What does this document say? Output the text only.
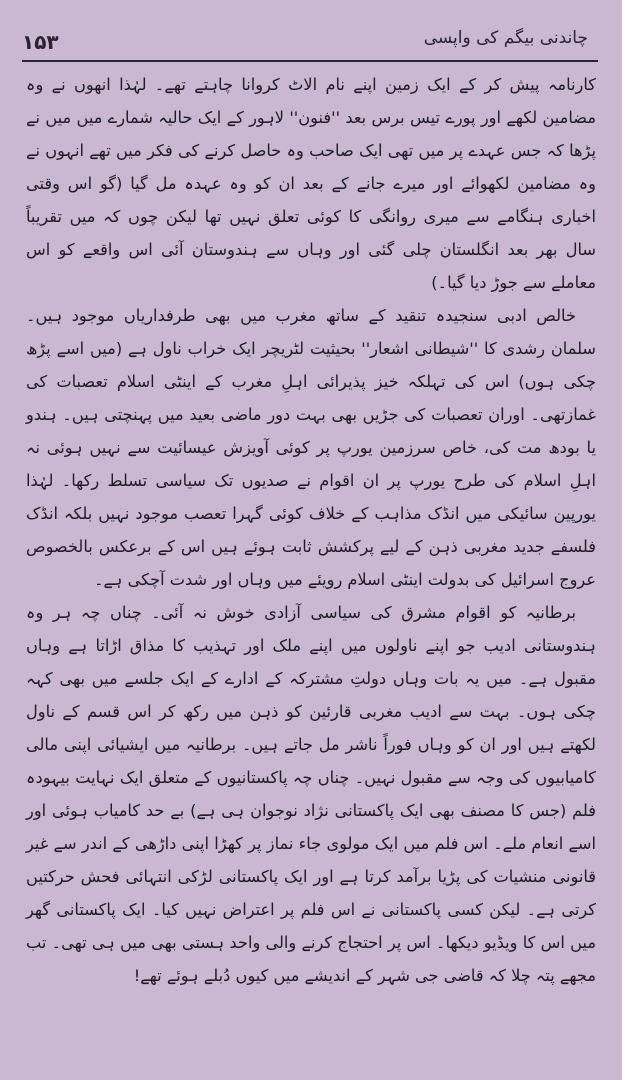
۱۵۳	چاندنی بیگم کی واپسی

کارنامہ پیش کر کے ایک زمین اپنے نام الاٹ کروانا چاہتے تھے۔ لہٰذا انھوں نے وہ مضامین لکھے اور پورے تیس برس بعد ''فنون'' لاہور کے ایک حالیہ شمارے میں میں نے پڑھا کہ جس عہدے پر میں تھی ایک صاحب وہ حاصل کرنے کی فکر میں تھے انہوں نے وہ مضامین لکھوائے اور میرے جانے کے بعد ان کو وہ عہدہ مل گیا (گو اس وقتی اخباری ہنگامے سے میری روانگی کا کوئی تعلق نہیں تھا لیکن چوں کہ میں تقریباً سال بھر بعد انگلستان چلی گئی اور وہاں سے ہندوستان آئی اس واقعے کو اس معاملے سے جوڑ دیا گیا۔)

خالص ادبی سنجیدہ تنقید کے ساتھ مغرب میں بھی طرفداریاں موجود ہیں۔ سلمان رشدی کا ''شیطانی اشعار'' بحیثیت لٹریچر ایک خراب ناول ہے (میں اسے پڑھ چکی ہوں) اس کی تہلکہ خیز پذیرائی اہلِ مغرب کے اینٹی اسلام تعصبات کی غمازتھی۔ اوران تعصبات کی جڑیں بھی بہت دور ماضی بعید میں پہنچتی ہیں۔ ہندو یا بودھ مت کی، خاص سرزمین یورپ پر کوئی آویزش عیسائیت سے نہیں ہوئی نہ اہلِ اسلام کی طرح یورپ پر ان اقوام نے صدیوں تک سیاسی تسلط رکھا۔ لہٰذا یورپین سائیکی میں انڈک مذاہب کے خلاف کوئی گہرا تعصب موجود نہیں بلکہ انڈک فلسفے جدید مغربی ذہن کے لیے پرکشش ثابت ہوئے ہیں اس کے برعکس بالخصوص عروج اسرائیل کی بدولت اینٹی اسلام رویئے میں وہاں اور شدت آچکی ہے۔

برطانیہ کو اقوام مشرق کی سیاسی آزادی خوش نہ آئی۔ چناں چہ ہر وہ ہندوستانی ادیب جو اپنے ناولوں میں اپنے ملک اور تہذیب کا مذاق اڑاتا ہے وہاں مقبول ہے۔ میں یہ بات وہاں دولتِ مشترکہ کے ادارے کے ایک جلسے میں بھی کہہ چکی ہوں۔ بہت سے ادیب مغربی قارئین کو ذہن میں رکھ کر اس قسم کے ناول لکھتے ہیں اور ان کو وہاں فوراً ناشر مل جاتے ہیں۔ برطانیہ میں ایشیائی اپنی مالی کامیابیوں کی وجہ سے مقبول نہیں۔ چناں چہ پاکستانیوں کے متعلق ایک نہایت بیہودہ فلم (جس کا مصنف بھی ایک پاکستانی نژاد نوجوان ہی ہے) بے حد کامیاب ہوئی اور اسے انعام ملے۔ اس فلم میں ایک مولوی جاء نماز پر کھڑا اپنی داڑھی کے اندر سے غیر قانونی منشیات کی پڑیا برآمد کرتا ہے اور ایک پاکستانی لڑکی انتہائی فحش حرکتیں کرتی ہے۔ لیکن کسی پاکستانی نے اس فلم پر اعتراض نہیں کیا۔ ایک پاکستانی گھر میں اس کا ویڈیو دیکھا۔ اس پر احتجاج کرنے والی واحد ہستی بھی میں ہی تھی۔ تب مجھے پتہ چلا کہ قاضی جی شہر کے اندیشے میں کیوں دُبلے ہوئے تھے!
